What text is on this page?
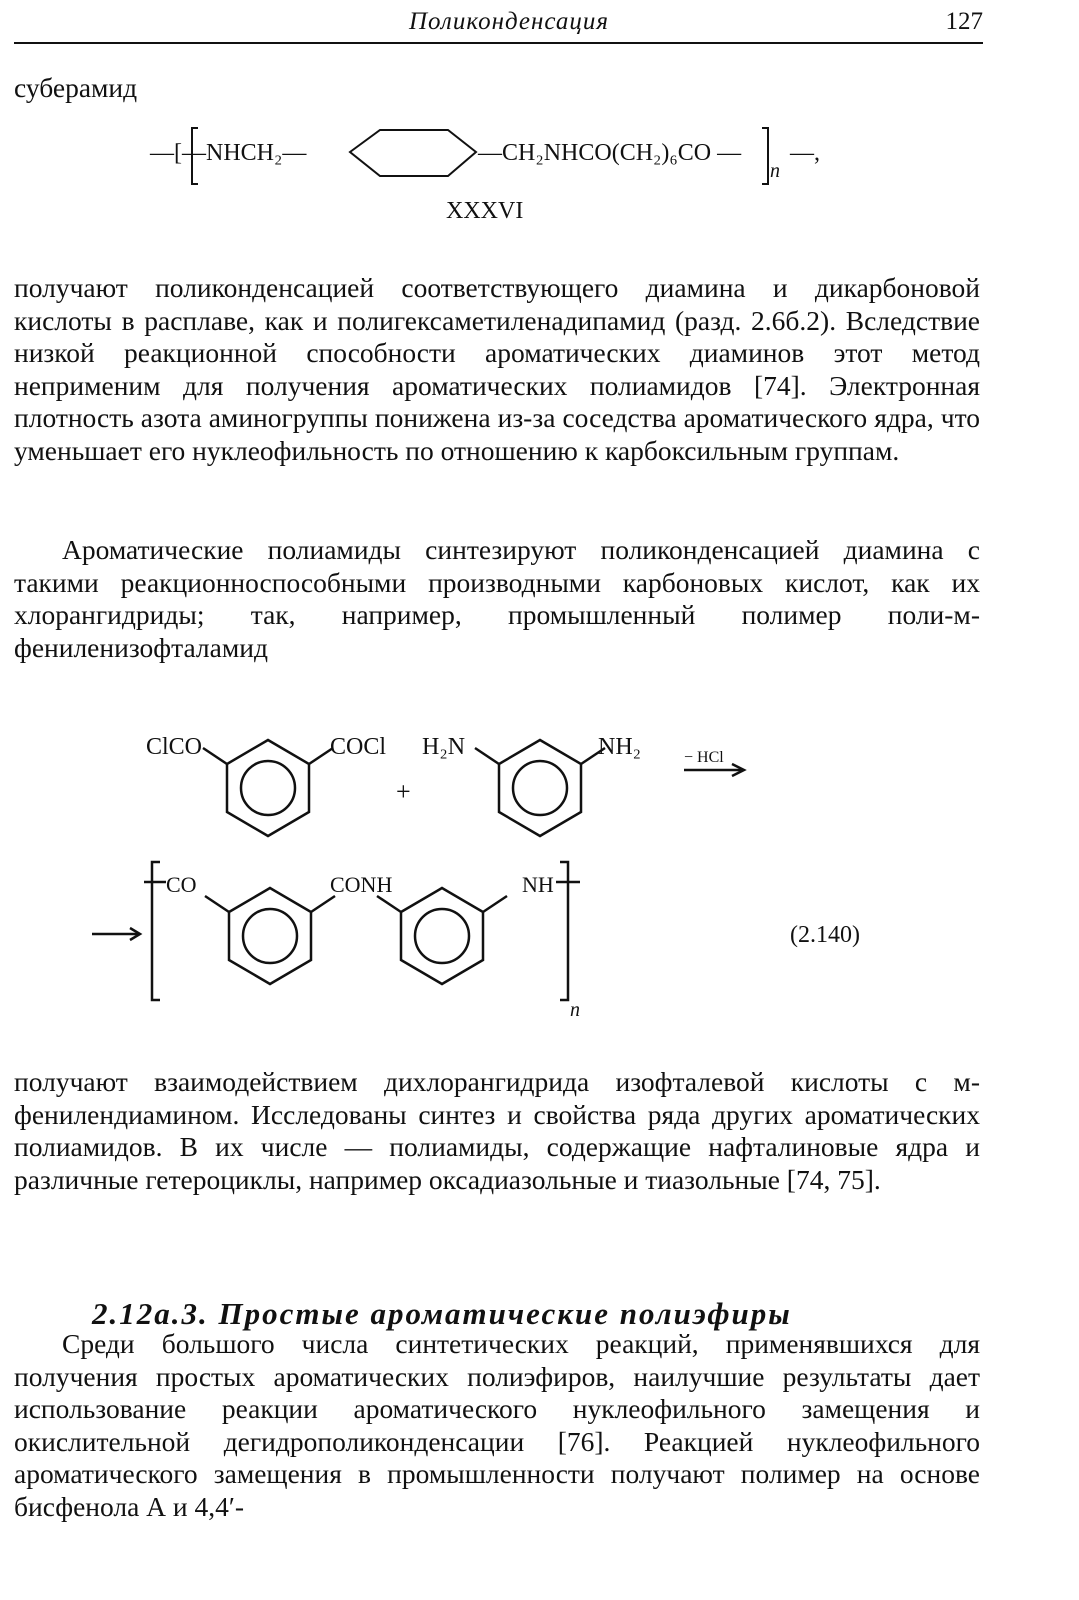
Поликонденсация	127
суберамид
—[—NHCH₂—	—CH₂NHCO(CH₂)₆CO —
n
—,
XXXVI

получают поликонденсацией соответствующего диамина и дикарбоновой кислоты в расплаве, как и полигексаметиленадипамид (разд. 2.6б.2). Вследствие низкой реакционной способности ароматических диаминов этот метод неприменим для получения ароматических полиамидов [74]. Электронная плотность азота аминогруппы понижена из-за соседства ароматического ядра, что уменьшает его нуклеофильность по отношению к карбоксильным группам.

Ароматические полиамиды синтезируют поликонденсацией диамина с такими реакционноспособными производными карбоновых кислот, как их хлорангидриды; так, например, промышленный полимер поли-м-фениленизофталамид

ClCO	COCl H₂N	NH₂
+
− HCl
CO	CONH	NH
n
(2.140)

получают взаимодействием дихлорангидрида изофталевой кислоты с м-фенилендиамином. Исследованы синтез и свойства ряда других ароматических полиамидов. В их числе — полиамиды, содержащие нафталиновые ядра и различные гетероциклы, например оксадиазольные и тиазольные [74, 75].

2.12а.3. Простые ароматические полиэфиры

Среди большого числа синтетических реакций, применявшихся для получения простых ароматических полиэфиров, наилучшие результаты дает использование реакции ароматического нуклеофильного замещения и окислительной дегидрополиконденсации [76]. Реакцией нуклеофильного ароматического замещения в промышленности получают полимер на основе бисфенола А и 4,4′-
